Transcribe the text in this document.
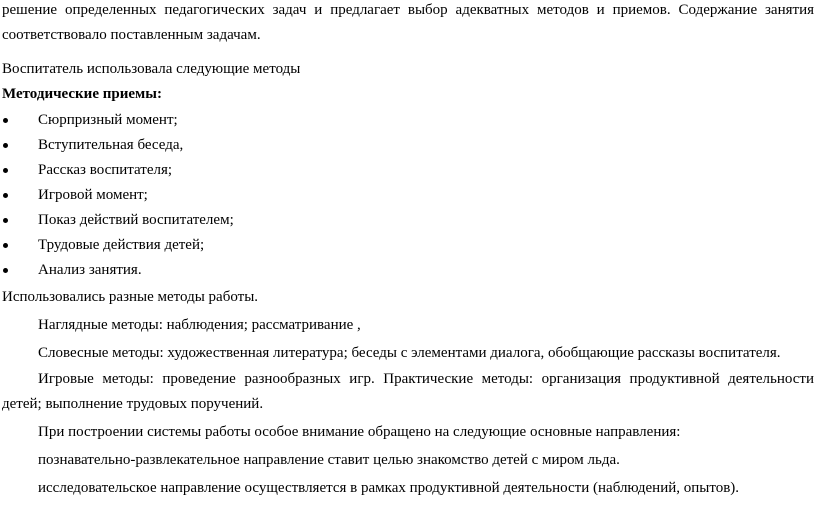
решение определенных педагогических задач и предлагает выбор адекватных методов и приемов. Содержание занятия

соответствовало поставленным задачам.

Воспитатель использовала следующие методы

Методические приемы:

Сюрпризный момент;
Вступительная беседа,
Рассказ воспитателя;
Игровой момент;
Показ действий воспитателем;
Трудовые действия детей;
Анализ занятия.

Использовались разные методы работы.

Наглядные методы: наблюдения; рассматривание ,

Словесные методы: художественная литература; беседы с элементами диалога, обобщающие рассказы воспитателя.

Игровые методы: проведение разнообразных игр. Практические методы: организация продуктивной деятельности детей; выполнение трудовых поручений.

При построении системы работы особое внимание обращено на следующие основные направления:

познавательно-развлекательное направление ставит целью знакомство детей с миром льда.

исследовательское направление осуществляется в рамках продуктивной деятельности (наблюдений, опытов).
